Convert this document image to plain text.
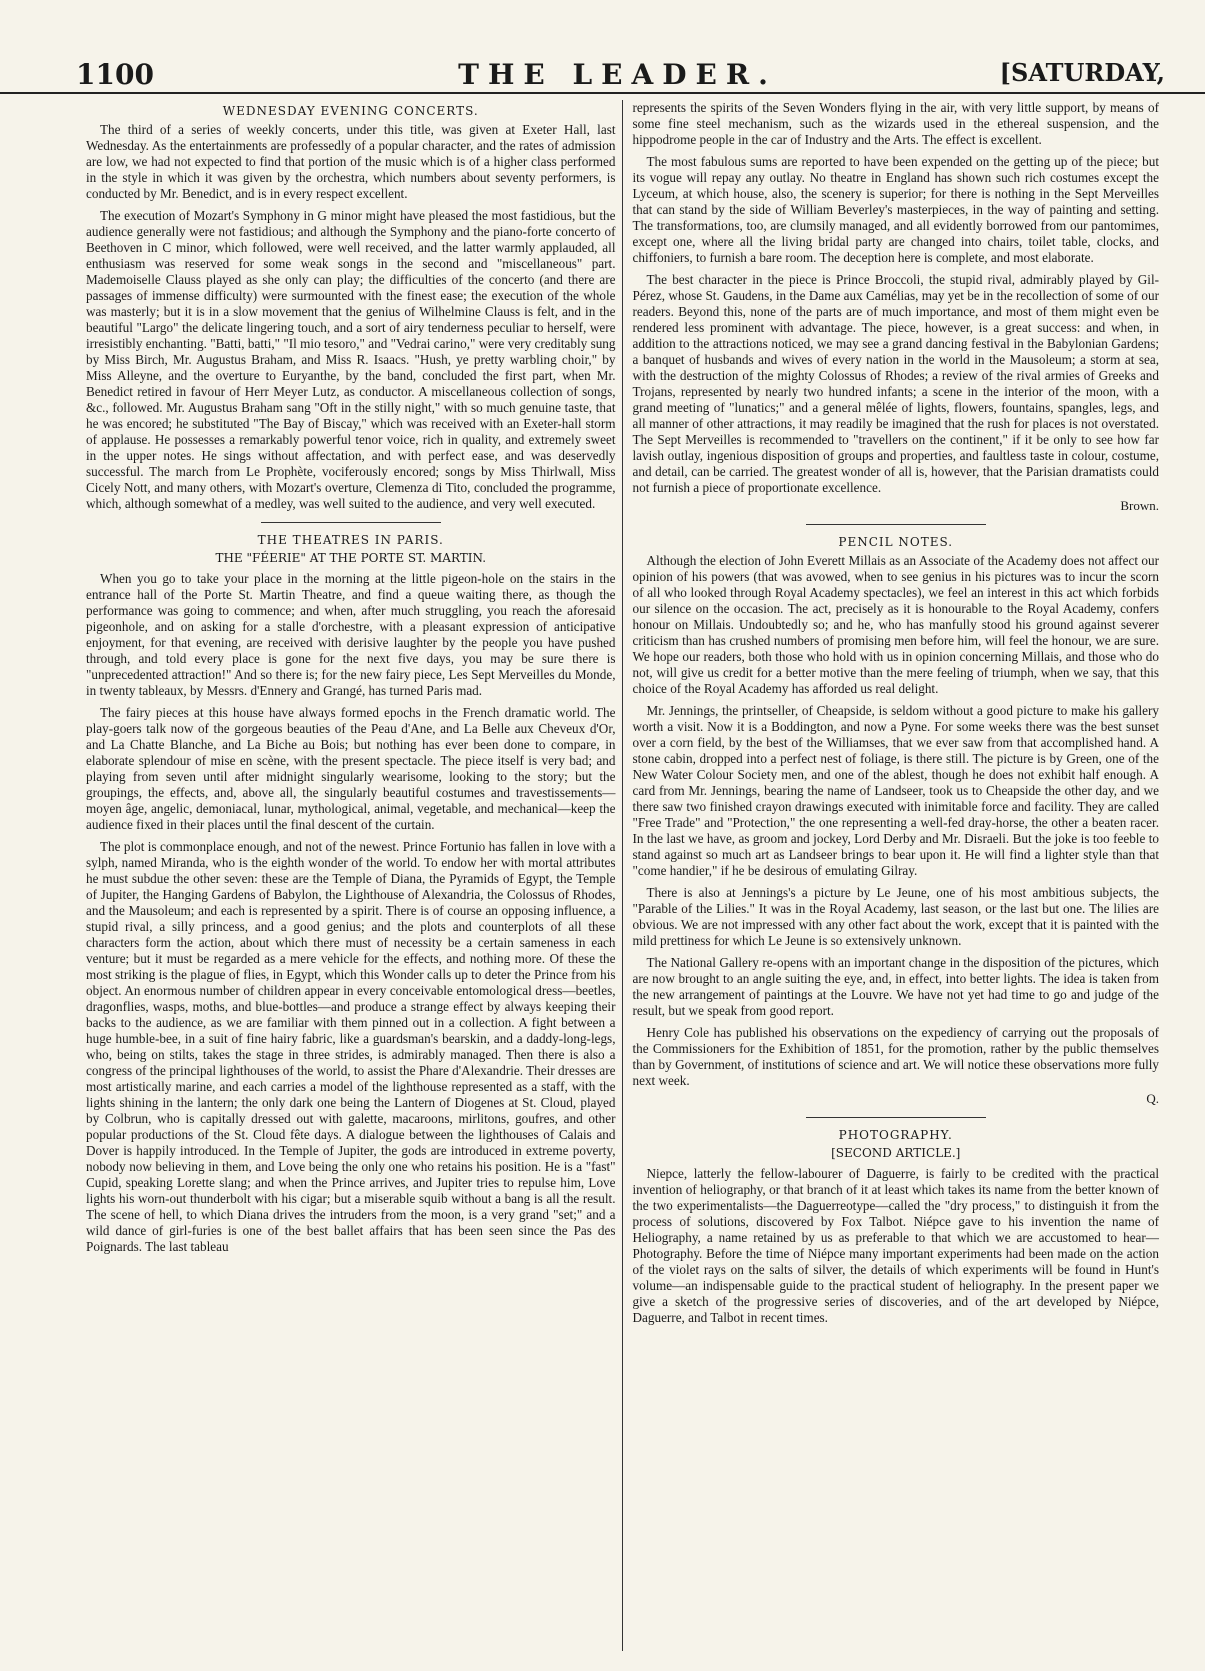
1100	THE LEADER.	[SATURDAY,
WEDNESDAY EVENING CONCERTS.

The third of a series of weekly concerts, under this title, was given at Exeter Hall, last Wednesday. As the entertainments are professedly of a popular character, and the rates of admission are low, we had not expected to find that portion of the music which is of a higher class performed in the style in which it was given by the orchestra, which numbers about seventy performers, is conducted by Mr. Benedict, and is in every respect excellent.

The execution of Mozart's Symphony in G minor might have pleased the most fastidious, but the audience generally were not fastidious; and although the Symphony and the piano-forte concerto of Beethoven in C minor, which followed, were well received, and the latter warmly applauded, all enthusiasm was reserved for some weak songs in the second and "miscellaneous" part. Mademoiselle Clauss played as she only can play; the difficulties of the concerto (and there are passages of immense difficulty) were surmounted with the finest ease; the execution of the whole was masterly; but it is in a slow movement that the genius of Wilhelmine Clauss is felt, and in the beautiful "Largo" the delicate lingering touch, and a sort of airy tenderness peculiar to herself, were irresistibly enchanting. "Batti, batti," "Il mio tesoro," and "Vedrai carino," were very creditably sung by Miss Birch, Mr. Augustus Braham, and Miss R. Isaacs. "Hush, ye pretty warbling choir," by Miss Alleyne, and the overture to Euryanthe, by the band, concluded the first part, when Mr. Benedict retired in favour of Herr Meyer Lutz, as conductor. A miscellaneous collection of songs, &c., followed. Mr. Augustus Braham sang "Oft in the stilly night," with so much genuine taste, that he was encored; he substituted "The Bay of Biscay," which was received with an Exeter-hall storm of applause. He possesses a remarkably powerful tenor voice, rich in quality, and extremely sweet in the upper notes. He sings without affectation, and with perfect ease, and was deservedly successful. The march from Le Prophète, vociferously encored; songs by Miss Thirlwall, Miss Cicely Nott, and many others, with Mozart's overture, Clemenza di Tito, concluded the programme, which, although somewhat of a medley, was well suited to the audience, and very well executed.

THE THEATRES IN PARIS.
THE "FÉERIE" AT THE PORTE ST. MARTIN.

When you go to take your place in the morning at the little pigeon-hole on the stairs in the entrance hall of the Porte St. Martin Theatre, and find a queue waiting there, as though the performance was going to commence; and when, after much struggling, you reach the aforesaid pigeonhole, and on asking for a stalle d'orchestre, with a pleasant expression of anticipative enjoyment, for that evening, are received with derisive laughter by the people you have pushed through, and told every place is gone for the next five days, you may be sure there is "unprecedented attraction!" And so there is; for the new fairy piece, Les Sept Merveilles du Monde, in twenty tableaux, by Messrs. d'Ennery and Grangé, has turned Paris mad.

The fairy pieces at this house have always formed epochs in the French dramatic world. The play-goers talk now of the gorgeous beauties of the Peau d'Ane, and La Belle aux Cheveux d'Or, and La Chatte Blanche, and La Biche au Bois; but nothing has ever been done to compare, in elaborate splendour of mise en scène, with the present spectacle. The piece itself is very bad; and playing from seven until after midnight singularly wearisome, looking to the story; but the groupings, the effects, and, above all, the singularly beautiful costumes and travestissements—moyen âge, angelic, demoniacal, lunar, mythological, animal, vegetable, and mechanical—keep the audience fixed in their places until the final descent of the curtain.

The plot is commonplace enough, and not of the newest. Prince Fortunio has fallen in love with a sylph, named Miranda, who is the eighth wonder of the world. To endow her with mortal attributes he must subdue the other seven: these are the Temple of Diana, the Pyramids of Egypt, the Temple of Jupiter, the Hanging Gardens of Babylon, the Lighthouse of Alexandria, the Colossus of Rhodes, and the Mausoleum; and each is represented by a spirit. There is of course an opposing influence, a stupid rival, a silly princess, and a good genius; and the plots and counterplots of all these characters form the action, about which there must of necessity be a certain sameness in each venture; but it must be regarded as a mere vehicle for the effects, and nothing more. Of these the most striking is the plague of flies, in Egypt, which this Wonder calls up to deter the Prince from his object. An enormous number of children appear in every conceivable entomological dress—beetles, dragonflies, wasps, moths, and blue-bottles—and produce a strange effect by always keeping their backs to the audience, as we are familiar with them pinned out in a collection. A fight between a huge humble-bee, in a suit of fine hairy fabric, like a guardsman's bearskin, and a daddy-long-legs, who, being on stilts, takes the stage in three strides, is admirably managed. Then there is also a congress of the principal lighthouses of the world, to assist the Phare d'Alexandrie. Their dresses are most artistically marine, and each carries a model of the lighthouse represented as a staff, with the lights shining in the lantern; the only dark one being the Lantern of Diogenes at St. Cloud, played by Colbrun, who is capitally dressed out with galette, macaroons, mirlitons, goufres, and other popular productions of the St. Cloud fête days. A dialogue between the lighthouses of Calais and Dover is happily introduced. In the Temple of Jupiter, the gods are introduced in extreme poverty, nobody now believing in them, and Love being the only one who retains his position. He is a "fast" Cupid, speaking Lorette slang; and when the Prince arrives, and Jupiter tries to repulse him, Love lights his worn-out thunderbolt with his cigar; but a miserable squib without a bang is all the result. The scene of hell, to which Diana drives the intruders from the moon, is a very grand "set;" and a wild dance of girl-furies is one of the best ballet affairs that has been seen since the Pas des Poignards. The last tableau

represents the spirits of the Seven Wonders flying in the air, with very little support, by means of some fine steel mechanism, such as the wizards used in the ethereal suspension, and the hippodrome people in the car of Industry and the Arts. The effect is excellent.

The most fabulous sums are reported to have been expended on the getting up of the piece; but its vogue will repay any outlay. No theatre in England has shown such rich costumes except the Lyceum, at which house, also, the scenery is superior; for there is nothing in the Sept Merveilles that can stand by the side of William Beverley's masterpieces, in the way of painting and setting. The transformations, too, are clumsily managed, and all evidently borrowed from our pantomimes, except one, where all the living bridal party are changed into chairs, toilet table, clocks, and chiffoniers, to furnish a bare room. The deception here is complete, and most elaborate.

The best character in the piece is Prince Broccoli, the stupid rival, admirably played by Gil-Pérez, whose St. Gaudens, in the Dame aux Camélias, may yet be in the recollection of some of our readers. Beyond this, none of the parts are of much importance, and most of them might even be rendered less prominent with advantage. The piece, however, is a great success: and when, in addition to the attractions noticed, we may see a grand dancing festival in the Babylonian Gardens; a banquet of husbands and wives of every nation in the world in the Mausoleum; a storm at sea, with the destruction of the mighty Colossus of Rhodes; a review of the rival armies of Greeks and Trojans, represented by nearly two hundred infants; a scene in the interior of the moon, with a grand meeting of "lunatics;" and a general mêlée of lights, flowers, fountains, spangles, legs, and all manner of other attractions, it may readily be imagined that the rush for places is not overstated. The Sept Merveilles is recommended to "travellers on the continent," if it be only to see how far lavish outlay, ingenious disposition of groups and properties, and faultless taste in colour, costume, and detail, can be carried. The greatest wonder of all is, however, that the Parisian dramatists could not furnish a piece of proportionate excellence.

Brown.
PENCIL NOTES.

Although the election of John Everett Millais as an Associate of the Academy does not affect our opinion of his powers (that was avowed, when to see genius in his pictures was to incur the scorn of all who looked through Royal Academy spectacles), we feel an interest in this act which forbids our silence on the occasion. The act, precisely as it is honourable to the Royal Academy, confers honour on Millais. Undoubtedly so; and he, who has manfully stood his ground against severer criticism than has crushed numbers of promising men before him, will feel the honour, we are sure. We hope our readers, both those who hold with us in opinion concerning Millais, and those who do not, will give us credit for a better motive than the mere feeling of triumph, when we say, that this choice of the Royal Academy has afforded us real delight.

Mr. Jennings, the printseller, of Cheapside, is seldom without a good picture to make his gallery worth a visit. Now it is a Boddington, and now a Pyne. For some weeks there was the best sunset over a corn field, by the best of the Williamses, that we ever saw from that accomplished hand. A stone cabin, dropped into a perfect nest of foliage, is there still. The picture is by Green, one of the New Water Colour Society men, and one of the ablest, though he does not exhibit half enough. A card from Mr. Jennings, bearing the name of Landseer, took us to Cheapside the other day, and we there saw two finished crayon drawings executed with inimitable force and facility. They are called "Free Trade" and "Protection," the one representing a well-fed dray-horse, the other a beaten racer. In the last we have, as groom and jockey, Lord Derby and Mr. Disraeli. But the joke is too feeble to stand against so much art as Landseer brings to bear upon it. He will find a lighter style than that "come handier," if he be desirous of emulating Gilray.

There is also at Jennings's a picture by Le Jeune, one of his most ambitious subjects, the "Parable of the Lilies." It was in the Royal Academy, last season, or the last but one. The lilies are obvious. We are not impressed with any other fact about the work, except that it is painted with the mild prettiness for which Le Jeune is so extensively unknown.

The National Gallery re-opens with an important change in the disposition of the pictures, which are now brought to an angle suiting the eye, and, in effect, into better lights. The idea is taken from the new arrangement of paintings at the Louvre. We have not yet had time to go and judge of the result, but we speak from good report.

Henry Cole has published his observations on the expediency of carrying out the proposals of the Commissioners for the Exhibition of 1851, for the promotion, rather by the public themselves than by Government, of institutions of science and art. We will notice these observations more fully next week.

Q.
PHOTOGRAPHY.
[SECOND ARTICLE.]

Niepce, latterly the fellow-labourer of Daguerre, is fairly to be credited with the practical invention of heliography, or that branch of it at least which takes its name from the better known of the two experimentalists—the Daguerreotype—called the "dry process," to distinguish it from the process of solutions, discovered by Fox Talbot. Niépce gave to his invention the name of Heliography, a name retained by us as preferable to that which we are accustomed to hear—Photography. Before the time of Niépce many important experiments had been made on the action of the violet rays on the salts of silver, the details of which experiments will be found in Hunt's volume—an indispensable guide to the practical student of heliography. In the present paper we give a sketch of the progressive series of discoveries, and of the art developed by Niépce, Daguerre, and Talbot in recent times.
